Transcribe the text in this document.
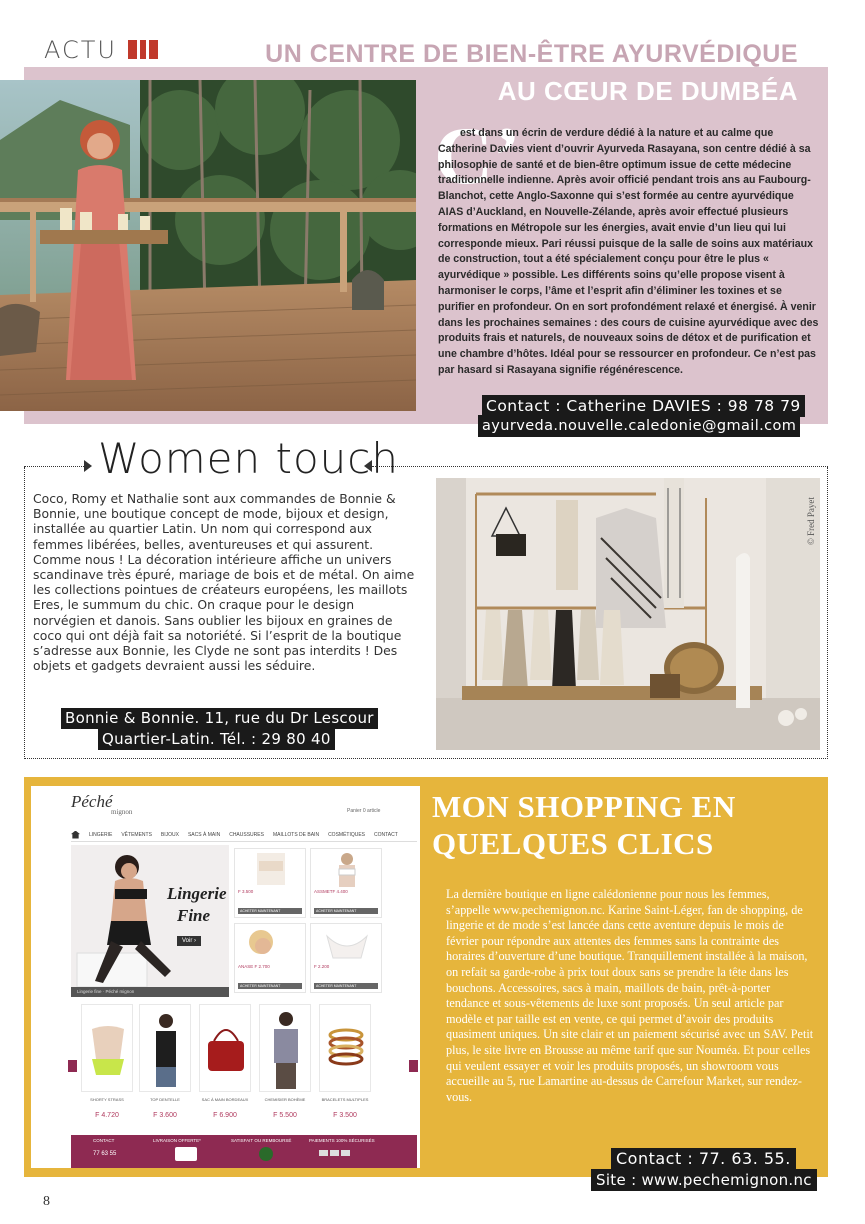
ACTU	UN CENTRE DE BIEN-ÊTRE AYURVÉDIQUE
AU CŒUR DE DUMBÉA
C’
est dans un écrin de verdure dédié à la nature et au calme que Catherine Davies vient d’ouvrir Ayurveda Rasayana, son centre dédié à sa philosophie de santé et de bien-être optimum issue de cette médecine traditionnelle indienne. Après avoir officié pendant trois ans au Faubourg-Blanchot, cette Anglo-Saxonne qui s’est formée au centre ayurvédique AIAS d’Auckland, en Nouvelle-Zélande, après avoir effectué plusieurs formations en Métropole sur les énergies, avait envie d’un lieu qui lui corresponde mieux. Pari réussi puisque de la salle de soins aux matériaux de construction, tout a été spécialement conçu pour être le plus « ayurvédique » possible. Les différents soins qu’elle propose visent à harmoniser le corps, l’âme et l’esprit afin d’éliminer les toxines et se purifier en profondeur. On en sort profondément relaxé et énergisé. À venir dans les prochaines semaines : des cours de cuisine ayurvédique avec des produits frais et naturels, de nouveaux soins de détox et de purification et une chambre d’hôtes. Idéal pour se ressourcer en profondeur. Ce n’est pas par hasard si Rasayana signifie régénérescence.
Contact : Catherine DAVIES : 98 78 79
ayurveda.nouvelle.caledonie@gmail.com
Women touch
Coco, Romy et Nathalie sont aux commandes de Bonnie & Bonnie, une boutique concept de mode, bijoux et design, installée au quartier Latin. Un nom qui correspond aux femmes libérées, belles, aventureuses et qui assurent. Comme nous ! La décoration intérieure affiche un univers scandinave très épuré, mariage de bois et de métal. On aime les collections pointues de créateurs européens, les maillots Eres, le summum du chic. On craque pour le design norvégien et danois. Sans oublier les bijoux en graines de coco qui ont déjà fait sa notoriété. Si l’esprit de la boutique s’adresse aux Bonnie, les Clyde ne sont pas interdits ! Des objets et gadgets devraient aussi les séduire.
Bonnie & Bonnie. 11, rue du Dr Lescour
Quartier-Latin. Tél. : 29 80 40
© Fred Payet
Péché
mignon	Panier 0 article
LINGERIE VÊTEMENTS BIJOUX SACS À MAIN CHAUSSURES MAILLOTS DE BAIN COSMÉTIQUES CONTACT
Lingerie
Fine
Voir ›
Lingerie fine · Péché mignon
F 3.500
ACHETER MAINTENANT
ASSMETF 4.400
ACHETER MAINTENANT
ANASE F 2.700
ACHETER MAINTENANT
F 2.200
ACHETER MAINTENANT
SHORTY STRASS
F 4.720
TOP DENTELLE
F 3.600
SAC À MAIN BORDEAUX
F 6.900
CHEMISIER BOHÈME
F 5.500
BRACELETS MULTIPLES
F 3.500
CONTACT
77 63 55
LIVRAISON OFFERTE*	SATISFAIT OU REMBOURSÉ	PAIEMENTS 100% SÉCURISÉS
MON SHOPPING EN QUELQUES CLICS
La dernière boutique en ligne calédonienne pour nous les femmes, s’appelle www.pechemignon.nc. Karine Saint-Léger, fan de shopping, de lingerie et de mode s’est lancée dans cette aventure depuis le mois de février pour répondre aux attentes des femmes sans la contrainte des horaires d’ouverture d’une boutique. Tranquillement installée à la maison, on refait sa garde-robe à prix tout doux sans se prendre la tête dans les bouchons. Accessoires, sacs à main, maillots de bain, prêt-à-porter tendance et sous-vêtements de luxe sont proposés. Un seul article par modèle et par taille est en vente, ce qui permet d’avoir des produits quasiment uniques. Un site clair et un paiement sécurisé avec un SAV. Petit plus, le site livre en Brousse au même tarif que sur Nouméa. Et pour celles qui veulent essayer et voir les produits proposés, un showroom vous accueille au 5, rue Lamartine au-dessus de Carrefour Market, sur rendez-vous.
Contact : 77. 63. 55.
Site : www.pechemignon.nc
8
